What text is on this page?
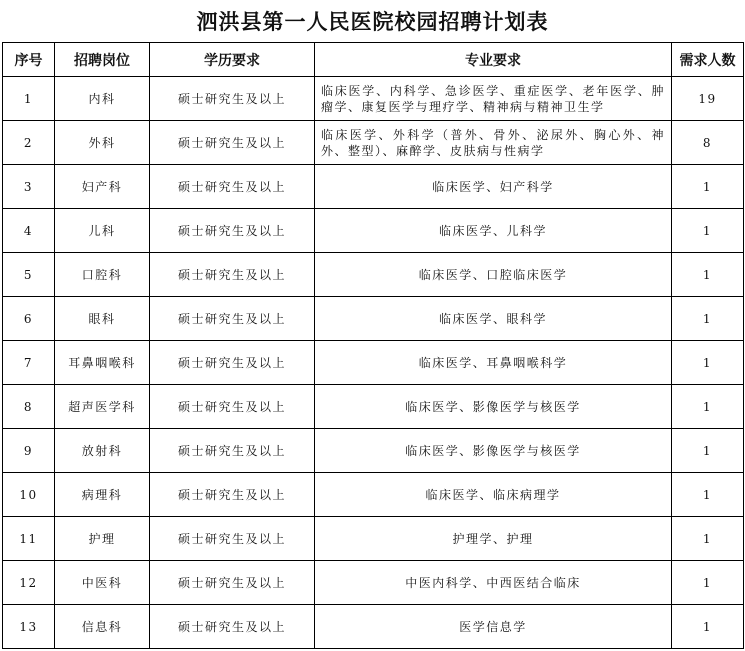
泗洪县第一人民医院校园招聘计划表
序号	招聘岗位	学历要求	专业要求	需求人数
1	内科	硕士研究生及以上	临床医学、内科学、急诊医学、重症医学、老年医学、肿瘤学、康复医学与理疗学、精神病与精神卫生学	19
2	外科	硕士研究生及以上	临床医学、外科学（普外、骨外、泌尿外、胸心外、神外、整型）、麻醉学、皮肤病与性病学	8
3	妇产科	硕士研究生及以上	临床医学、妇产科学	1
4	儿科	硕士研究生及以上	临床医学、儿科学	1
5	口腔科	硕士研究生及以上	临床医学、口腔临床医学	1
6	眼科	硕士研究生及以上	临床医学、眼科学	1
7	耳鼻咽喉科	硕士研究生及以上	临床医学、耳鼻咽喉科学	1
8	超声医学科	硕士研究生及以上	临床医学、影像医学与核医学	1
9	放射科	硕士研究生及以上	临床医学、影像医学与核医学	1
10	病理科	硕士研究生及以上	临床医学、临床病理学	1
11	护理	硕士研究生及以上	护理学、护理	1
12	中医科	硕士研究生及以上	中医内科学、中西医结合临床	1
13	信息科	硕士研究生及以上	医学信息学	1
